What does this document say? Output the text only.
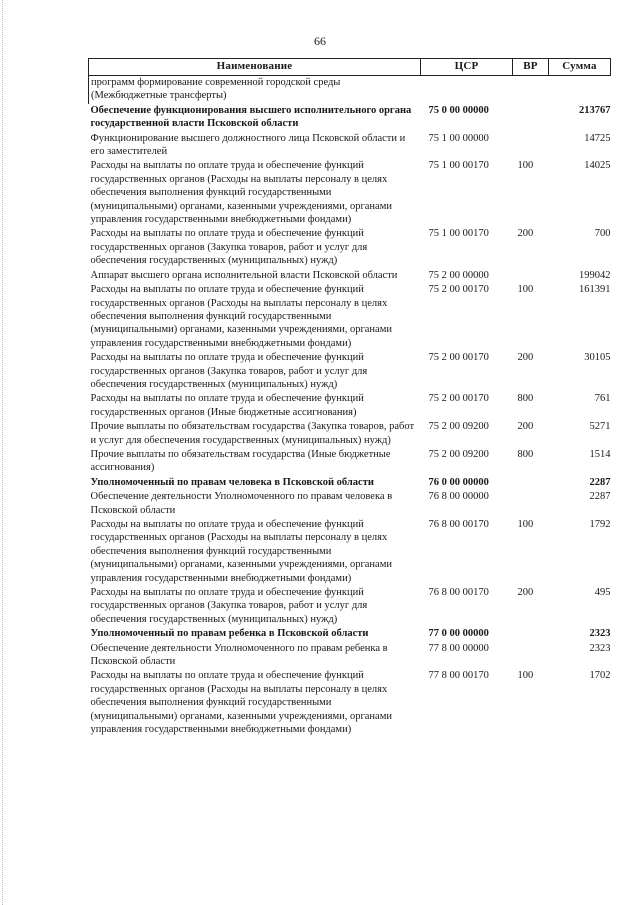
66
Наименование	ЦСР	ВР	Сумма
программ формирование современной городской среды (Межбюджетные трансферты)			
Обеспечение функционирования высшего исполнительного органа государственной власти Псковской области	75 0 00 00000		213767
Функционирование высшего должностного лица Псковской области и его заместителей	75 1 00 00000		14725
Расходы на выплаты по оплате труда и обеспечение функций государственных органов (Расходы на выплаты персоналу в целях обеспечения выполнения функций государственными (муниципальными) органами, казенными учреждениями, органами управления государственными внебюджетными фондами)	75 1 00 00170	100	14025
Расходы на выплаты по оплате труда и обеспечение функций государственных органов (Закупка товаров, работ и услуг для обеспечения государственных (муниципальных) нужд)	75 1 00 00170	200	700
Аппарат высшего органа исполнительной власти Псковской области	75 2 00 00000		199042
Расходы на выплаты по оплате труда и обеспечение функций государственных органов (Расходы на выплаты персоналу в целях обеспечения выполнения функций государственными (муниципальными) органами, казенными учреждениями, органами управления государственными внебюджетными фондами)	75 2 00 00170	100	161391
Расходы на выплаты по оплате труда и обеспечение функций государственных органов (Закупка товаров, работ и услуг для обеспечения государственных (муниципальных) нужд)	75 2 00 00170	200	30105
Расходы на выплаты по оплате труда и обеспечение функций государственных органов (Иные бюджетные ассигнования)	75 2 00 00170	800	761
Прочие выплаты по обязательствам государства (Закупка товаров, работ и услуг для обеспечения государственных (муниципальных) нужд)	75 2 00 09200	200	5271
Прочие выплаты по обязательствам государства (Иные бюджетные ассигнования)	75 2 00 09200	800	1514
Уполномоченный по правам человека в Псковской области	76 0 00 00000		2287
Обеспечение деятельности Уполномоченного по правам человека в Псковской области	76 8 00 00000		2287
Расходы на выплаты по оплате труда и обеспечение функций государственных органов (Расходы на выплаты персоналу в целях обеспечения выполнения функций государственными (муниципальными) органами, казенными учреждениями, органами управления государственными внебюджетными фондами)	76 8 00 00170	100	1792
Расходы на выплаты по оплате труда и обеспечение функций государственных органов (Закупка товаров, работ и услуг для обеспечения государственных (муниципальных) нужд)	76 8 00 00170	200	495
Уполномоченный по правам ребенка в Псковской области	77 0 00 00000		2323
Обеспечение деятельности Уполномоченного по правам ребенка в Псковской области	77 8 00 00000		2323
Расходы на выплаты по оплате труда и обеспечение функций государственных органов (Расходы на выплаты персоналу в целях обеспечения выполнения функций государственными (муниципальными) органами, казенными учреждениями, органами управления государственными внебюджетными фондами)	77 8 00 00170	100	1702
